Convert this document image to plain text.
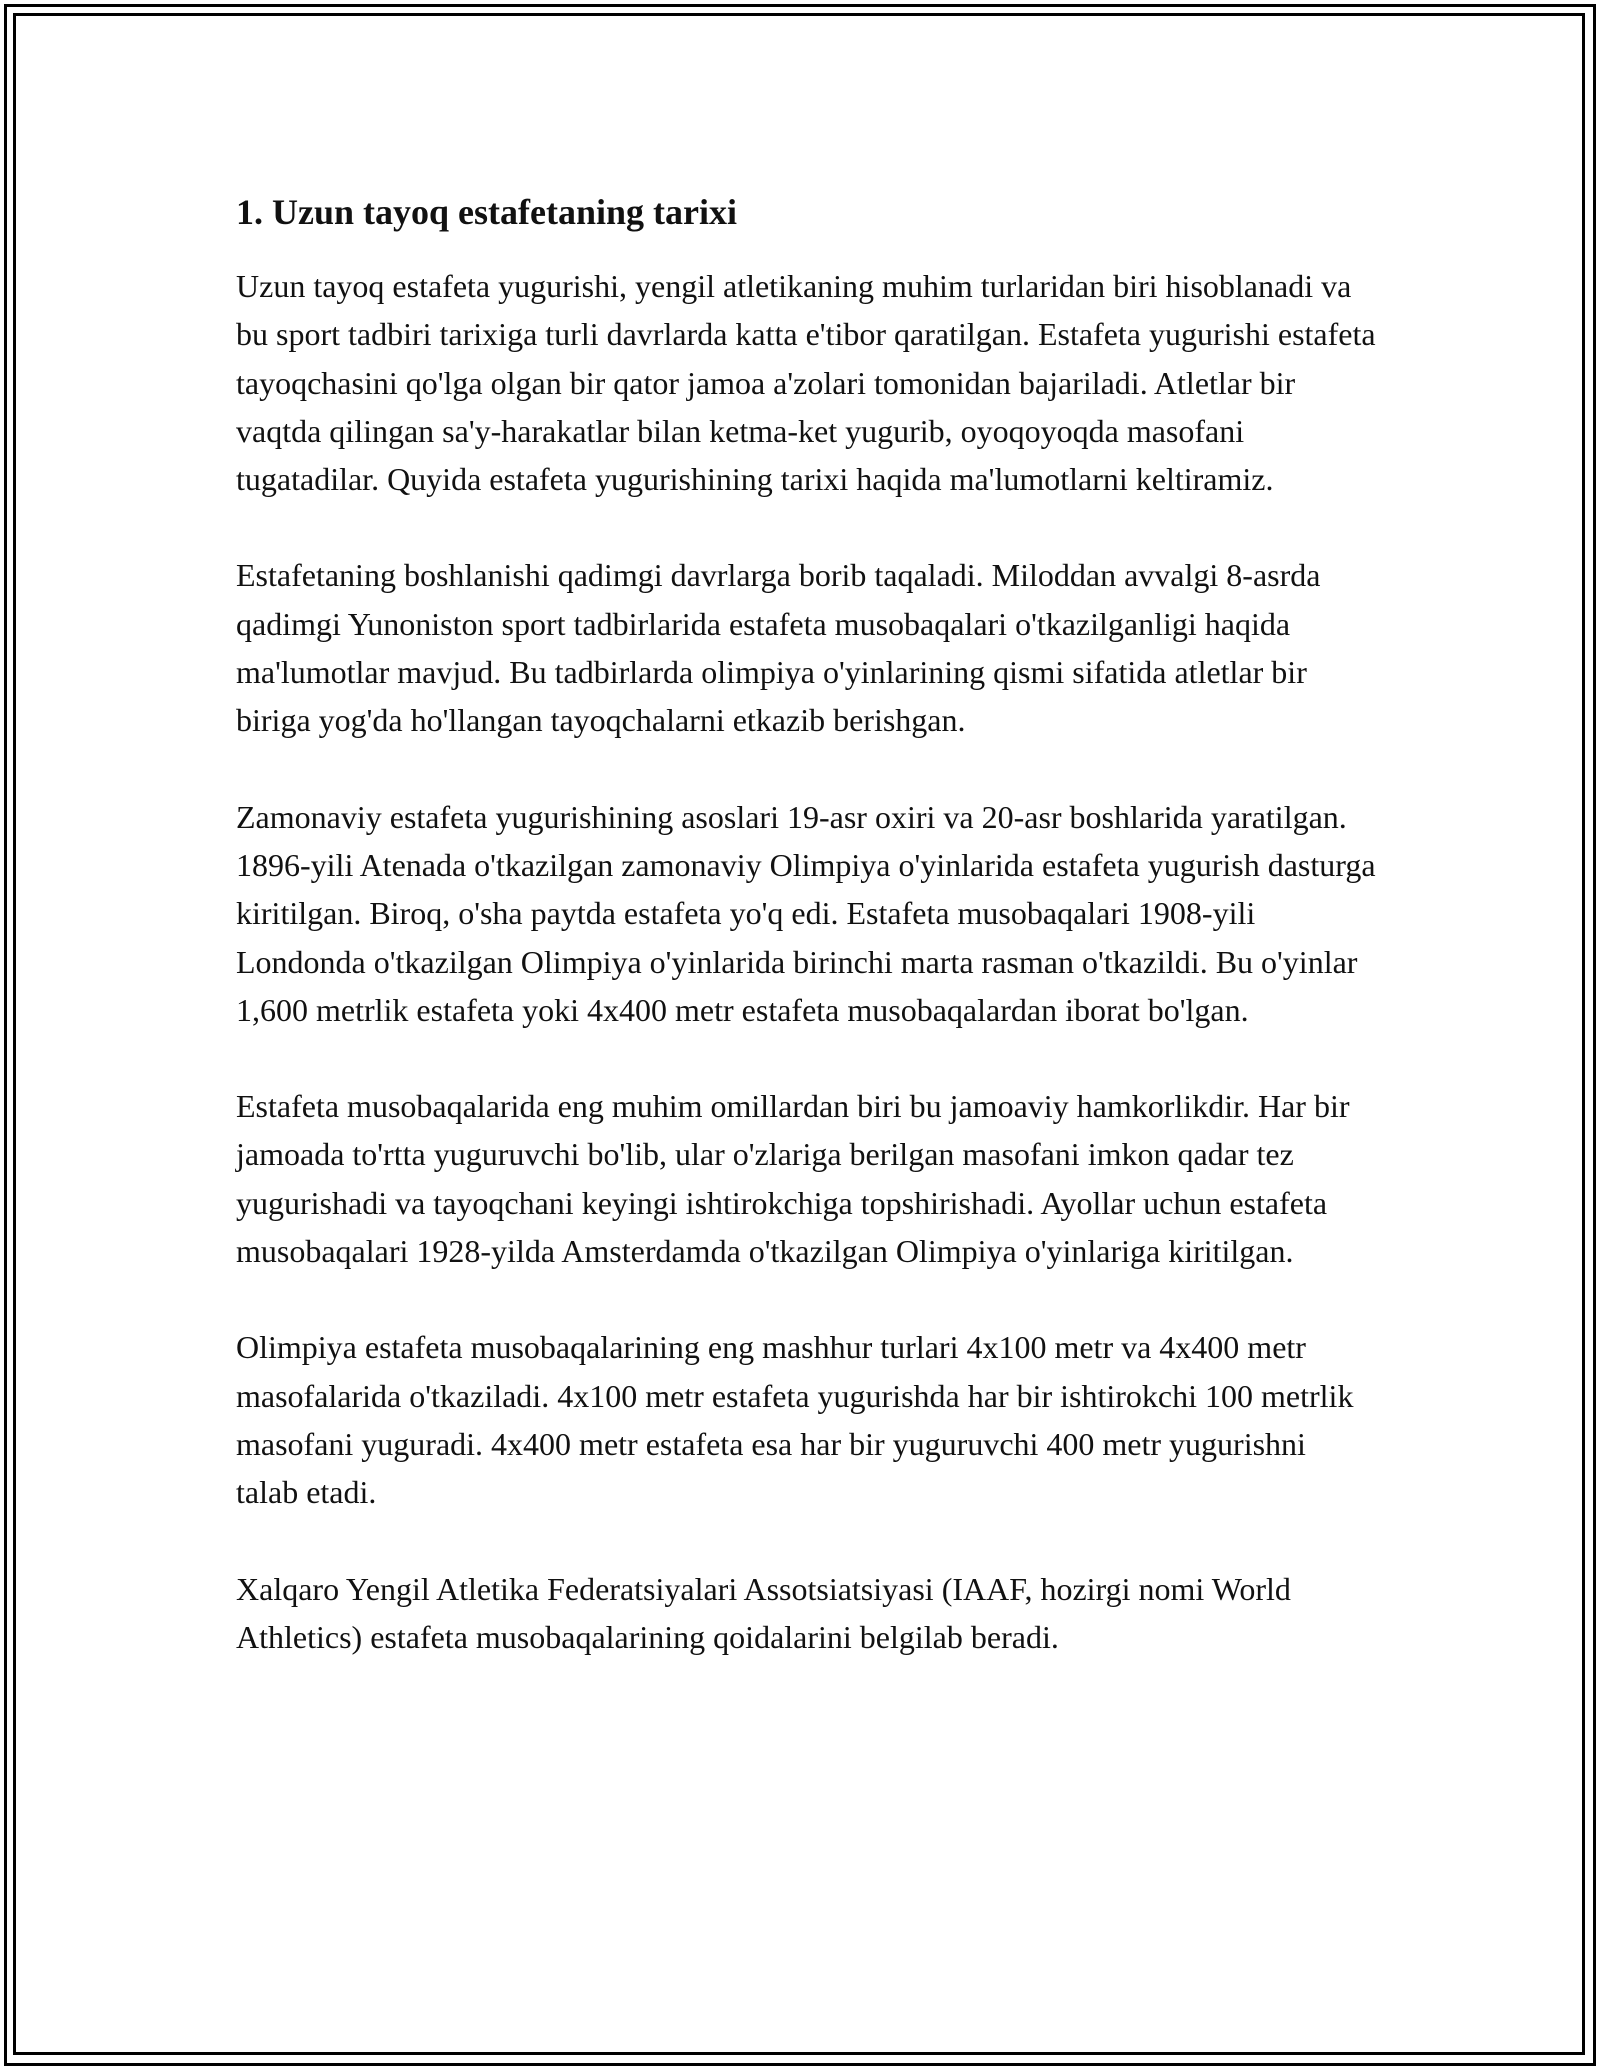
1. Uzun tayoq estafetaning tarixi

Uzun tayoq estafeta yugurishi, yengil atletikaning muhim turlaridan biri hisoblanadi va bu sport tadbiri tarixiga turli davrlarda katta e'tibor qaratilgan. Estafeta yugurishi estafeta tayoqchasini qo'lga olgan bir qator jamoa a'zolari tomonidan bajariladi. Atletlar bir vaqtda qilingan sa'y-harakatlar bilan ketma-ket yugurib, oyoqoyoqda masofani tugatadilar. Quyida estafeta yugurishining tarixi haqida ma'lumotlarni keltiramiz.

Estafetaning boshlanishi qadimgi davrlarga borib taqaladi. Miloddan avvalgi 8-asrda qadimgi Yunoniston sport tadbirlarida estafeta musobaqalari o'tkazilganligi haqida ma'lumotlar mavjud. Bu tadbirlarda olimpiya o'yinlarining qismi sifatida atletlar bir biriga yog'da ho'llangan tayoqchalarni etkazib berishgan.

Zamonaviy estafeta yugurishining asoslari 19-asr oxiri va 20-asr boshlarida yaratilgan. 1896-yili Atenada o'tkazilgan zamonaviy Olimpiya o'yinlarida estafeta yugurish dasturga kiritilgan. Biroq, o'sha paytda estafeta yo'q edi. Estafeta musobaqalari 1908-yili Londonda o'tkazilgan Olimpiya o'yinlarida birinchi marta rasman o'tkazildi. Bu o'yinlar 1,600 metrlik estafeta yoki 4x400 metr estafeta musobaqalardan iborat bo'lgan.

Estafeta musobaqalarida eng muhim omillardan biri bu jamoaviy hamkorlikdir. Har bir jamoada to'rtta yuguruvchi bo'lib, ular o'zlariga berilgan masofani imkon qadar tez yugurishadi va tayoqchani keyingi ishtirokchiga topshirishadi. Ayollar uchun estafeta musobaqalari 1928-yilda Amsterdamda o'tkazilgan Olimpiya o'yinlariga kiritilgan.

Olimpiya estafeta musobaqalarining eng mashhur turlari 4x100 metr va 4x400 metr masofalarida o'tkaziladi. 4x100 metr estafeta yugurishda har bir ishtirokchi 100 metrlik masofani yuguradi. 4x400 metr estafeta esa har bir yuguruvchi 400 metr yugurishni talab etadi.

Xalqaro Yengil Atletika Federatsiyalari Assotsiatsiyasi (IAAF, hozirgi nomi World Athletics) estafeta musobaqalarining qoidalarini belgilab beradi.
